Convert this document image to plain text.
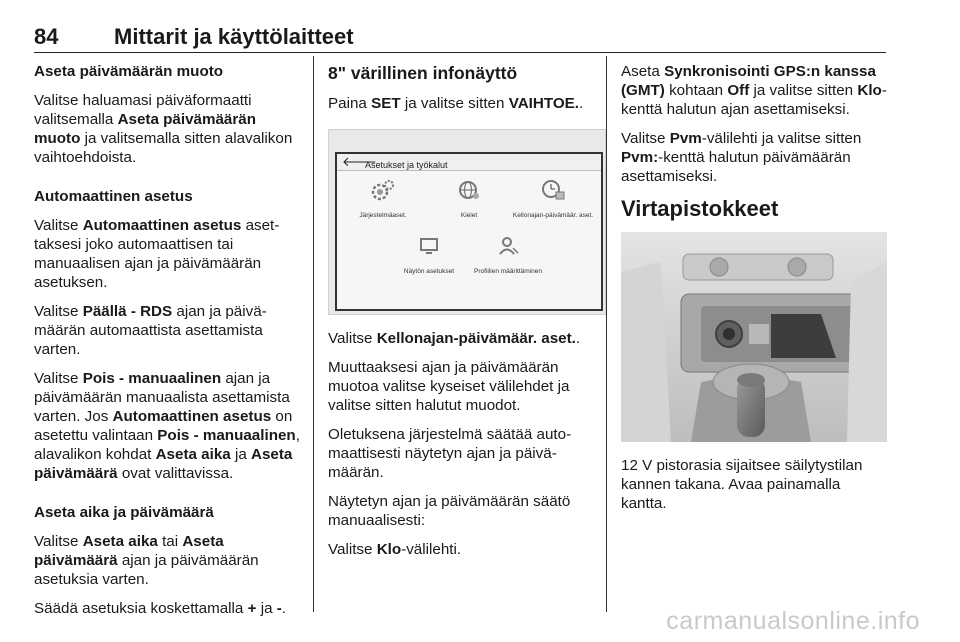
84	Mittarit ja käyttölaitteet

Aseta päivämäärän muoto

Valitse haluamasi päiväformaatti valitsemalla Aseta päivämäärän muoto ja valitsemalla sitten alavalikon vaihtoehdoista.

Automaattinen asetus

Valitse Automaattinen asetus asettaksesi joko automaattisen tai manuaalisen ajan ja päivämäärän asetuksen.

Valitse Päällä - RDS ajan ja päivämäärän automaattista asettamista varten.

Valitse Pois - manuaalinen ajan ja päivämäärän manuaalista asettamista varten. Jos Automaattinen asetus on asetettu valintaan Pois - manuaalinen, alavalikon kohdat Aseta aika ja Aseta päivämäärä ovat valittavissa.

Aseta aika ja päivämäärä

Valitse Aseta aika tai Aseta päivämäärä ajan ja päivämäärän asetuksia varten.

Säädä asetuksia koskettamalla + ja -.

8" värillinen infonäyttö

Paina SET ja valitse sitten VAIHTOE..

🡐
Asetukset ja työkalut
Järjestelmäaset.	Kielet	Kellonajan-päivämäär. aset.
Näytön asetukset	Profiilien määrittäminen

Valitse Kellonajan-päivämäär. aset..

Muuttaaksesi ajan ja päivämäärän muotoa valitse kyseiset välilehdet ja valitse sitten halutut muodot.

Oletuksena järjestelmä säätää automaattisesti näytetyn ajan ja päivämäärän.

Näytetyn ajan ja päivämäärän säätö manuaalisesti:

Valitse Klo-välilehti.

Aseta Synkronisointi GPS:n kanssa (GMT) kohtaan Off ja valitse sitten Klo-kenttä halutun ajan asettamiseksi.

Valitse Pvm-välilehti ja valitse sitten Pvm:-kenttä halutun päivämäärän asettamiseksi.

Virtapistokkeet

12 V pistorasia sijaitsee säilytystilan kannen takana. Avaa painamalla kantta.

carmanualsonline.info
